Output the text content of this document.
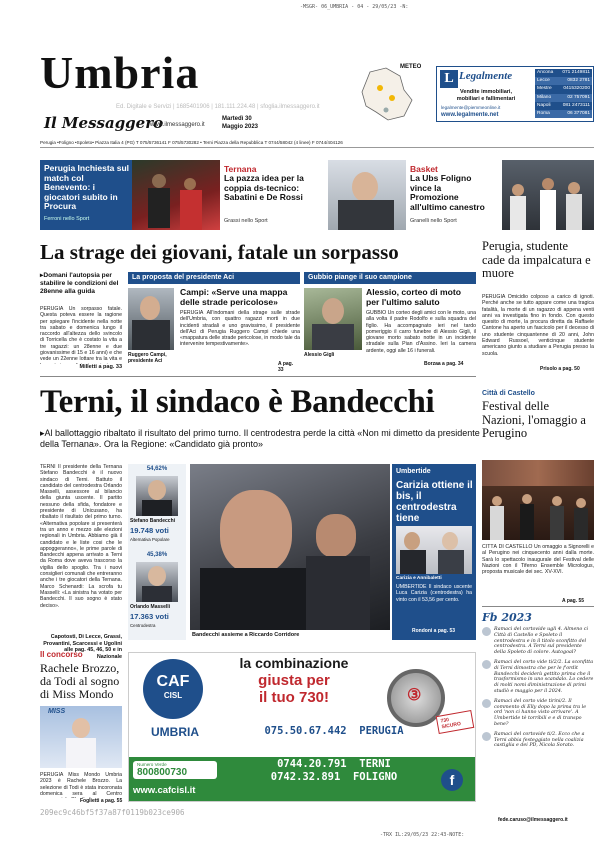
-MSGR- 06_UMBRIA - 04 - 29/05/23 -N:
Umbria
Il Messaggero
www.ilmessaggero.it
Martedì 30
Maggio 2023
Ed. Digitale e Servizi | 1685401906 | 181.111.224.48 | sfoglia.ilmessaggero.it
METEO
L Legalmente
Vendite immobiliari,
mobiliari e fallimentari
legalmente@piemmeonline.it
www.legalmente.net
Ancona 071 2149811
Lecce	0832 2781
Mestre 0415320200
Milano	02 757091
Napoli	081 2473111
Roma	06 377081
Perugia •Foligno •Spoleto• Piazza Italia 4 (PG) T 075/5736141 F 075/5730282 • Terni Piazza della Repubblica T 0744/58042 (4 linee) F 0744/404126
Perugia Inchiesta sul match col Benevento: i giocatori subito in Procura
Ferroni nello Sport
Ternana
La pazza idea per la coppia ds-tecnico: Sabatini e De Rossi
Grassi nello Sport
Basket
La Ubs Foligno vince la Promozione all'ultimo canestro
Granelli nello Sport
La strage dei giovani, fatale un sorpasso
▸Domani l'autopsia per stabilire le condizioni del 28enne alla guida
PERUGIA Un sorpasso fatale. Questa poteva essere la ragione per spiegare l'incidente nella notte tra sabato e domenica lungo il raccordo all'altezza dello svincolo di Torricella che è costato la vita a tre ragazzi: un 28enne e due giovanissime di 15 e 16 anni) e che vede un 22enne lottare tra la vita e
Milletti a pag. 33
La proposta del presidente Aci
Ruggero Campi, presidente Aci
Campi: «Serve una mappa delle strade pericolose»
PERUGIA All'indomani della strage sulle strade dell'Umbria, con quattro ragazzi morti in due incidenti stradali e uno gravissimo, il presidente dell'Aci di Perugia Ruggero Campi chiede una «mappatura delle strade pericolose, in modo tale da intervenire tempestivamente».
A pag. 33
Gubbio piange il suo campione
Alessio Gigli
Alessio, corteo di moto per l'ultimo saluto
GUBBIO Un corteo degli amici con le moto, una alla volta il padre Rodolfo e sulla squadra del figlio. Ha accompagnato ieri nel tardo pomeriggio il carro funebre di Alessio Gigli, il giovane morto sabato notte in un incidente stradale sulla Pian d'Assino. Ieri la camera ardente, oggi alle 16 i funerali.
Borzaa a pag. 34
Perugia, studente cade da impalcatura e muore
PERUGIA Omicidio colposo a carico di ignoti. Perché anche se tutto appare come una tragica fatalità, la morte di un ragazzo di appena venti anni va investigata fino in fondo. Con questo quesito di morte, la procura diretta da Raffaele Cantone ha aperto un fascicolo per il decesso di uno studente cinquantenne di 20 anni, John Edward Russoel, venticinque studente americano giunto a studiare a Perugia presso la scuola.
Prisolo a pag. 50
Terni, il sindaco è Bandecchi
▸Al ballottaggio ribaltato il risultato del primo turno. Il centrodestra perde la città «Non mi dimetto da presidente della Ternana». Ora la Regione: «Candidato già pronto»
TERNI Il presidente della Ternana Stefano Bandecchi è il nuovo sindaco di Terni. Battuto il candidato del centrodestra Orlando Masselli, assessore al bilancio della giunta uscente. Il partito nessuno della sfida, fondatore e presidente di Unicusano, ha ribaltato il risultato del primo turno. «Alternativa popolare si presenterà tra un anno e mezzo alle elezioni regionali in Umbria. Abbiamo già il candidato e le liste cosi che le appoggeranno», le prime parole di Bandecchi appena arrivato a Terni da Roma dove aveva trascorso la vigilia dello spoglio. Tra i nuovi consiglieri comunali che entreranno anche i tre giocatori della Ternana. Marco Schenardi: La scrofa tu Masselli: «La sinistra ha votato per Bandecchi. Il suo sogno è stato deciso».
Capotosti, Di Lecce, Grassi, Provantini, Scarcessi e Ugolini alle pag. 45, 46, 50 e in Nazionale
54,62%
Stefano Bandecchi
19.748 voti
Alternativa Popolare
45,38%
Orlando Masselli
17.363 voti
Centrodestra
Bandecchi assieme a Riccardo Corridore
Umbertide
Carizia ottiene il bis, il centrodestra tiene
Carizia e Annibaletti
UMBERTIDE Il sindaco uscente Luca Carizia (centrodestra) ha vinto con il 53,56 per cento.
Rondoni a pag. 53
Città di Castello
Festival delle Nazioni, l'omaggio a Perugino
CITTÀ DI CASTELLO Un omaggio a Signorelli e al Perugino nei cinquecento anni dalla morte. Sarà lo spettacolo inaugurale del Festival delle Nazioni con il Tiferno Ensemble Micrologus, proposta musicale dei sec. XV-XVI.
A pag. 55
Fb 2023
Ramaci del cortovide ugli 4. Almeno ci Città di Castello e Spoleto il centrodestra e in il titolo sconfitto del centrodestra. A Terni sul presidente della Spoleto di colore. Autogoal?
Ramaci del corto vide ti/2/2. La sconfitta di Terni dimostra che per le f'ordit Bandecchi deciderà gettito prima che il trasformismo in uno scandalo. Lo cedere di molti nomi diministrazione di primi studiò e maggio per il 2024.
Ramaci del corto vide tirini/2. Il commento di Elly dopo la prima tra le ord 'non ci hanno visto arrivare'. A Umbertide tè torribili e e di transpo bene?
Ramaci del cortovide ti/2. Ecco che a Terni abbia festeggiato nella coalizia castiglia e dei PD, Nicola Sorato.
fede.caruso@ilmessaggero.it
Il concorso
Rachele Brozzo, da Todi al sogno di Miss Mondo
MISS
PERUGIA Miss Mondo Umbria 2023 è Rachele Brozzo. La selezione di Todi è stata incoronata domenica sera al Centro
Foglietti a pag. 55
209ec9c46bf5f37a87f0119b023ce906
CAF
CISL
UMBRIA
la combinazione
giusta per
il tuo 730!	③
730 SICURO
Numero Verde
800800730
www.cafcisl.it
075.50.67.442  PERUGIA
0744.20.791  TERNI
0742.32.891  FOLIGNO	f
-TRX IL:29/05/23 22:43-NOTE:
